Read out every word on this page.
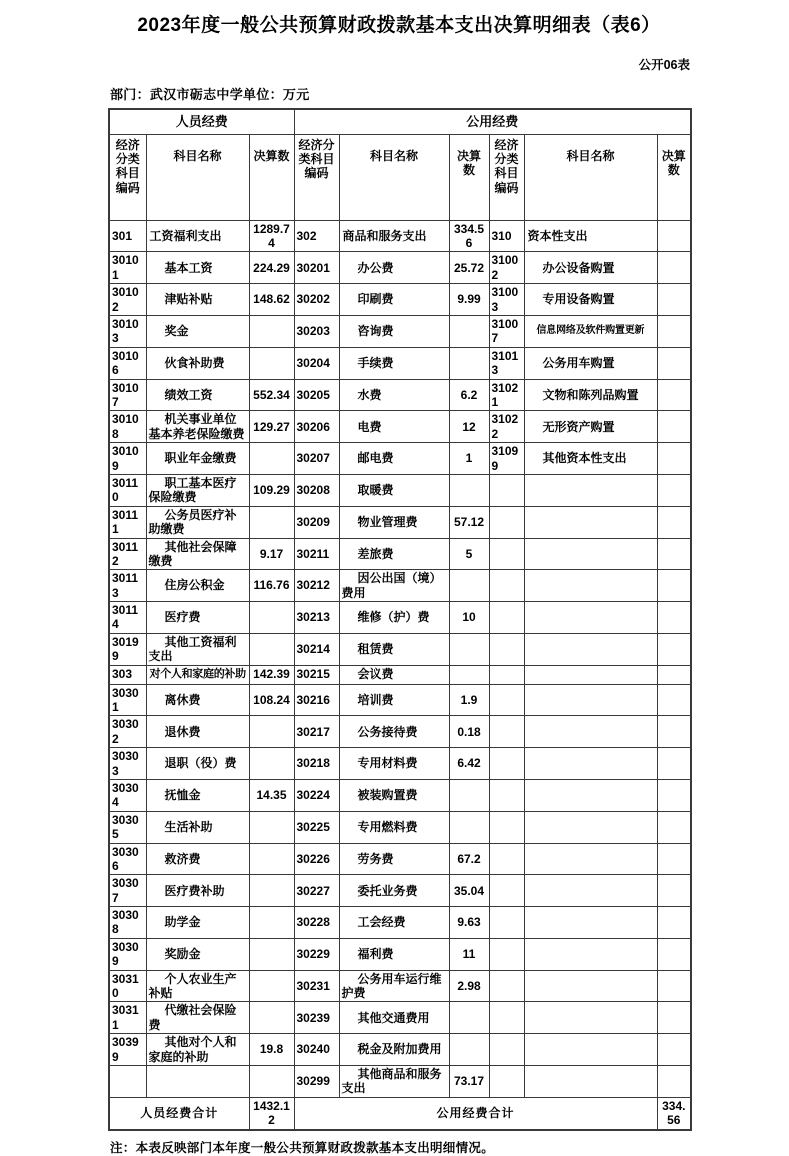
2023年度一般公共预算财政拨款基本支出决算明细表（表6）
公开06表
部门：武汉市砺志中学单位：万元
人员经费			公用经费					
经济分类科目编码	科目名称	决算数	经济分类科目编码	科目名称	决算数	经济分类科目编码	科目名称	决算数
301	工资福利支出	1289.74	302	商品和服务支出	334.56	310	资本性支出	
30101	基本工资	224.29	30201	办公费	25.72	31002	办公设备购置	
30102	津贴补贴	148.62	30202	印刷费	9.99	31003	专用设备购置	
30103	奖金		30203	咨询费		31007	信息网络及软件购置更新	
30106	伙食补助费		30204	手续费		31013	公务用车购置	
30107	绩效工资	552.34	30205	水费	6.2	31021	文物和陈列品购置	
30108	机关事业单位基本养老保险缴费	129.27	30206	电费	12	31022	无形资产购置	
30109	职业年金缴费		30207	邮电费	1	31099	其他资本性支出	
30110	职工基本医疗保险缴费	109.29	30208	取暖费				
30111	公务员医疗补助缴费		30209	物业管理费	57.12			
30112	其他社会保障缴费	9.17	30211	差旅费	5			
30113	住房公积金	116.76	30212	因公出国（境）费用				
30114	医疗费		30213	维修（护）费	10			
30199	其他工资福利支出		30214	租赁费				
303	对个人和家庭的补助	142.39	30215	会议费				
30301	离休费	108.24	30216	培训费	1.9			
30302	退休费		30217	公务接待费	0.18			
30303	退职（役）费		30218	专用材料费	6.42			
30304	抚恤金	14.35	30224	被装购置费				
30305	生活补助		30225	专用燃料费				
30306	救济费		30226	劳务费	67.2			
30307	医疗费补助		30227	委托业务费	35.04			
30308	助学金		30228	工会经费	9.63			
30309	奖励金		30229	福利费	11			
30310	个人农业生产补贴		30231	公务用车运行维护费	2.98			
30311	代缴社会保险费		30239	其他交通费用				
30399	其他对个人和家庭的补助	19.8	30240	税金及附加费用				
			30299	其他商品和服务支出	73.17			
人员经费合计		1432.12	公用经费合计					334.56
注：本表反映部门本年度一般公共预算财政拨款基本支出明细情况。
